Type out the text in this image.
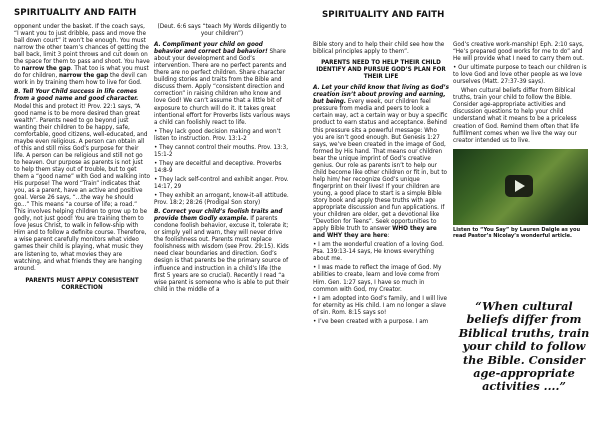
SPIRITUALITY AND FAITH

opponent under the basket. If the coach says, “I want you to just dribble, pass and move the ball down court” it won’t be enough. You must narrow the other team’s chances of getting the ball back, limit 3 point throws and cut down on the space for them to pass and shoot. You have to narrow the gap. That too is what you must do for children, narrow the gap the devil can work in by training them how to live for God.

B. Tell Your Child success in life comes from a good name and good character. Model this and protect it! Prov. 22:1 says, “A good name is to be more desired than great wealth”. Parents need to go beyond just wanting their children to be happy, safe, comfortable, good citizens, well-educated, and maybe even religious. A person can obtain all of this and still miss God’s purpose for their life. A person can be religious and still not go to heaven. Our purpose as parents is not just to help them stay out of trouble, but to get them a “good name” with God and walking into His purpose! The word “Train” indicates that you, as a parent, have an active and positive goal. Verse 26 says, “...the way he should go...” This means “a course of life; a road.” This involves helping children to grow up to be godly, not just good! You are training them to love Jesus Christ, to walk in fellow-ship with Him and to follow a definite course. Therefore, a wise parent carefully monitors what video games their child is playing, what music they are listening to, what movies they are watching, and what friends they are hanging around.

PARENTS MUST APPLY CONSISTENT CORRECTION

(Deut. 6:6 says “teach My Words diligently to your children”)

A. Compliment your child on good behavior and correct bad behavior! Share about your development and God’s intervention. There are no perfect parents and there are no perfect children. Share character building stories and traits from the Bible and discuss them. Apply “consistent direction and correction” in raising children who know and love God! We can’t assume that a little bit of exposure to church will do it. It takes great intentional effort for Proverbs lists various ways a child can foolishly react to life.

• They lack good decision making and won’t listen to instruction. Prov. 13:1-2

• They cannot control their mouths. Prov. 13:3, 15:1-2

• They are deceitful and deceptive. Proverbs 14:8-9

• They lack self-control and exhibit anger. Prov. 14:17, 29

• They exhibit an arrogant, know-it-all attitude. Prov. 18:2; 28:26 (Prodigal Son story)

B. Correct your child’s foolish traits and provide them Godly example. If parents condone foolish behavior, excuse it, tolerate it; or simply yell and warn, they will never drive the foolishness out. Parents must replace foolishness with wisdom (see Prov. 29:15). Kids need clear boundaries and direction. God’s design is that parents be the primary source of influence and instruction in a child’s life (the first 5 years are so crucial). Recently I read “a wise parent is someone who is able to put their child in the middle of a

SPIRITUALITY AND FAITH

Bible story and to help their child see how the biblical principles apply to them”.

PARENTS NEED TO HELP THEIR CHILD IDENTIFY AND PURSUE GOD’S PLAN FOR THEIR LIFE

A. Let your child know that living as God’s creation isn’t about proving and earning, but being. Every week, our children feel pressure from media and peers to look a certain way, act a certain way or buy a specific product to earn status and acceptance. Behind this pressure sits a powerful message: Who you are isn’t good enough. But Genesis 1:27 says, we’ve been created in the image of God, formed by His hand. That means our children bear the unique imprint of God’s creative genius. Our role as parents isn’t to help our child become like other children or fit in, but to help him/ her recognize God’s unique fingerprint on their lives! If your children are young, a good place to start is a simple Bible story book and apply these truths with age appropriate discussion and fun applications. If your children are older, get a devotional like “Devotion for Teens”. Seek opportunities to apply Bible truth to answer WHO they are and WHY they are here:

• I am the wonderful creation of a loving God. Psa. 139:13-14 says, He knows everything about me.

• I was made to reflect the image of God. My abilities to create, learn and love come from Him. Gen. 1:27 says, I have so much in common with God, my Creator.

• I am adopted into God’s family, and I will live for eternity as His child. I am no longer a slave of sin. Rom. 8:15 says so!

• I’ve been created with a purpose. I am

God’s creative work-manship! Eph. 2:10 says, “He’s prepared good works for me to do” and He will provide what I need to carry them out.

• Our ultimate purpose to teach our children is to love God and love other people as we love ourselves (Matt. 27:37-39 says).

When cultural beliefs differ from Biblical truths, train your child to follow the Bible. Consider age-appropriate activities and discussion questions to help your child understand what it means to be a priceless creation of God. Remind them often that life fulfillment comes when we live the way our creator intended us to live.

Listen to “You Say” by Lauren Daigle as you read Pastor’s Nicolay’s wonderful article.
“When cultural beliefs differ from Biblical truths, train your child to follow the Bible. Consider age-appropriate activities ....”
